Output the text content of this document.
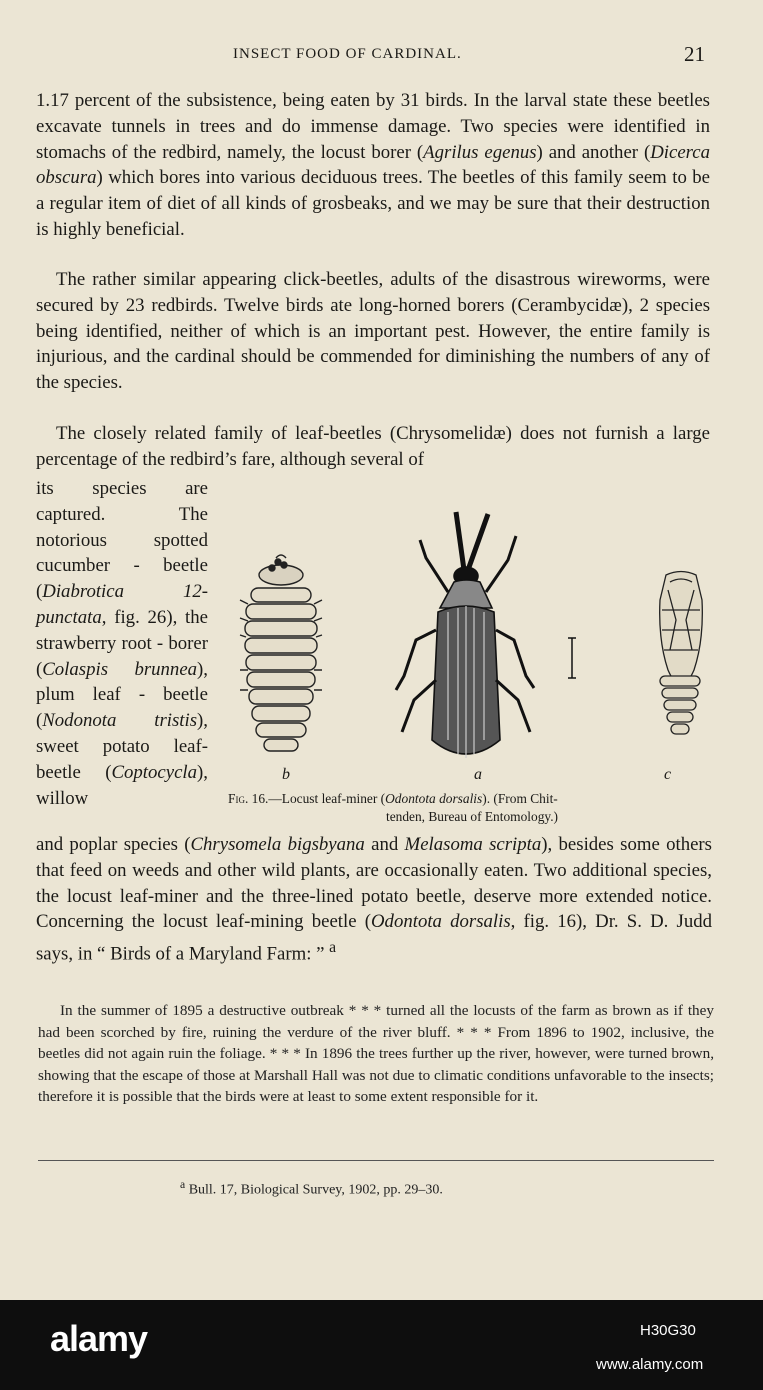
INSECT FOOD OF CARDINAL.	21
1.17 percent of the subsistence, being eaten by 31 birds. In the larval state these beetles excavate tunnels in trees and do immense damage. Two species were identified in stomachs of the redbird, namely, the locust borer (Agrilus egenus) and another (Dicerca obscura) which bores into various deciduous trees. The beetles of this family seem to be a regular item of diet of all kinds of grosbeaks, and we may be sure that their destruction is highly beneficial.
The rather similar appearing click-beetles, adults of the disastrous wireworms, were secured by 23 redbirds. Twelve birds ate long-horned borers (Cerambycidæ), 2 species being identified, neither of which is an important pest. However, the entire family is injurious, and the cardinal should be commended for diminishing the numbers of any of the species.
The closely related family of leaf-beetles (Chrysomelidæ) does not furnish a large percentage of the redbird’s fare, although several of
its species are captured. The notorious spotted cucumber - beetle (Diabrotica 12-punctata, fig. 26), the strawberry root - borer (Colaspis brunnea), plum leaf - beetle (Nodonota tristis), sweet potato leaf-beetle (Coptocycla), willow
b	a	c
Fig. 16.—Locust leaf-miner (Odontota dorsalis). (From Chit-
tenden, Bureau of Entomology.)
and poplar species (Chrysomela bigsbyana and Melasoma scripta), besides some others that feed on weeds and other wild plants, are occasionally eaten. Two additional species, the locust leaf-miner and the three-lined potato beetle, deserve more extended notice. Concerning the locust leaf-mining beetle (Odontota dorsalis, fig. 16), Dr. S. D. Judd says, in “ Birds of a Maryland Farm: ” $^a$
In the summer of 1895 a destructive outbreak * * * turned all the locusts of the farm as brown as if they had been scorched by fire, ruining the verdure of the river bluff. * * * From 1896 to 1902, inclusive, the beetles did not again ruin the foliage. * * * In 1896 the trees further up the river, however, were turned brown, showing that the escape of those at Marshall Hall was not due to climatic conditions unfavorable to the insects; therefore it is possible that the birds were at least to some extent responsible for it.
$^a$ Bull. 17, Biological Survey, 1902, pp. 29–30.
alamy	H30G30
www.alamy.com
